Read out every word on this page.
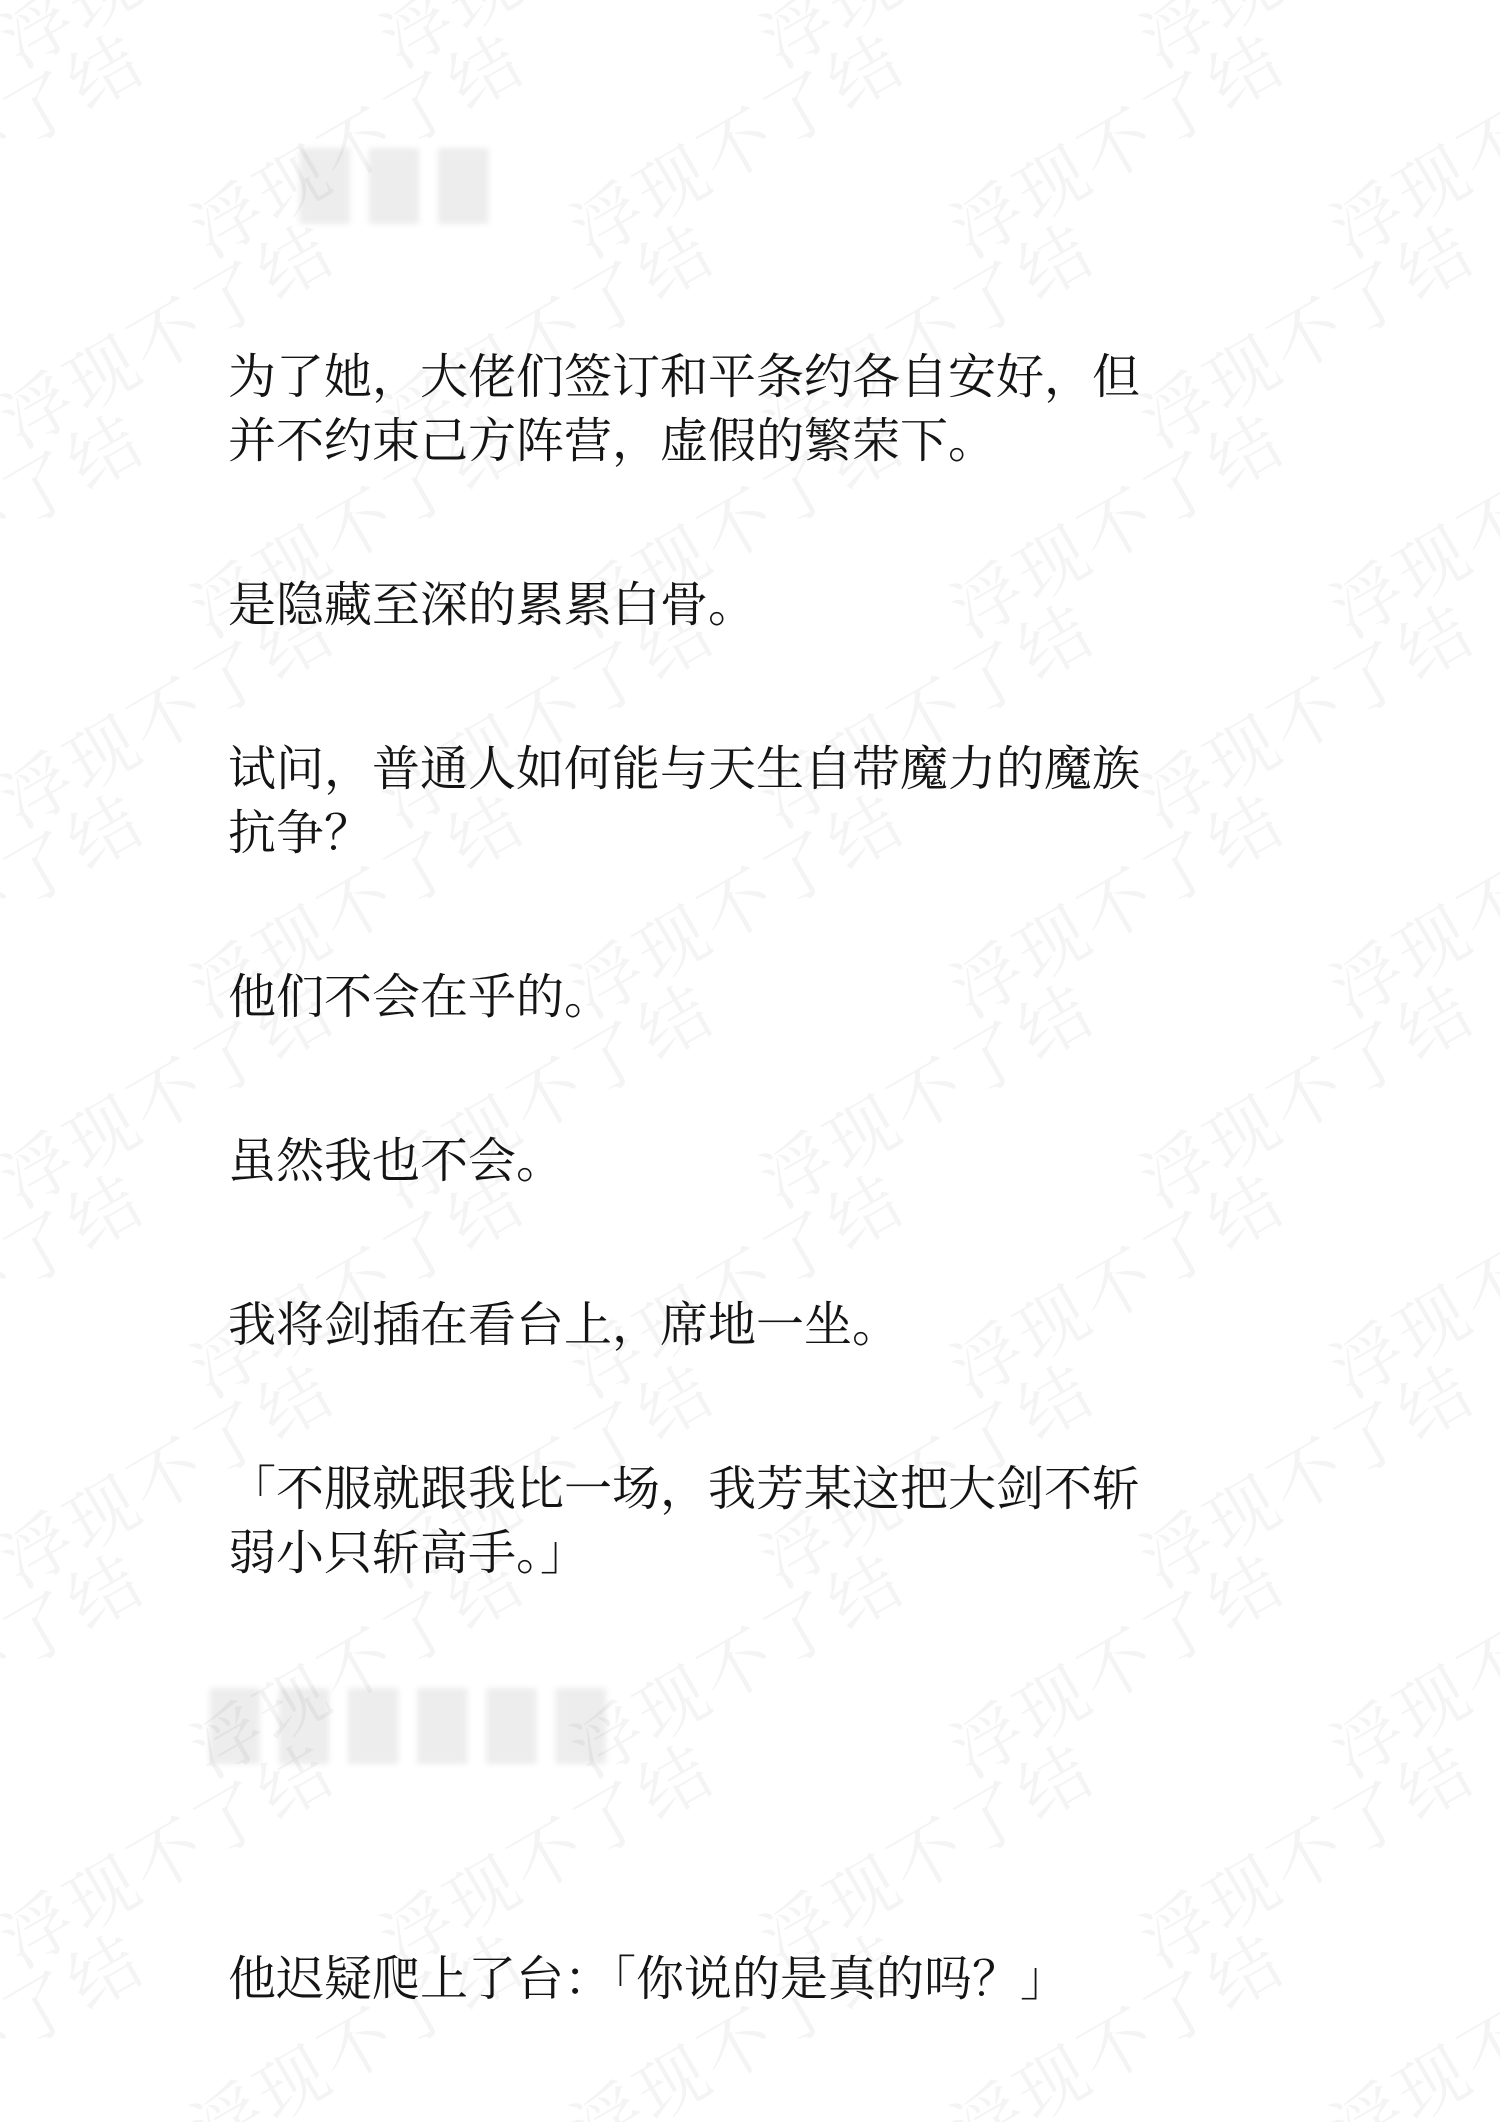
███
██████
为了她，大佬们签订和平条约各自安好，但
并不约束己方阵营，虚假的繁荣下。
是隐藏至深的累累白骨。
试问，普通人如何能与天生自带魔力的魔族
抗争？
他们不会在乎的。
虽然我也不会。
我将剑插在看台上，席地一坐。
「不服就跟我比一场，我芳某这把大剑不斩
弱小只斩高手。」
他迟疑爬上了台：「你说的是真的吗？」
